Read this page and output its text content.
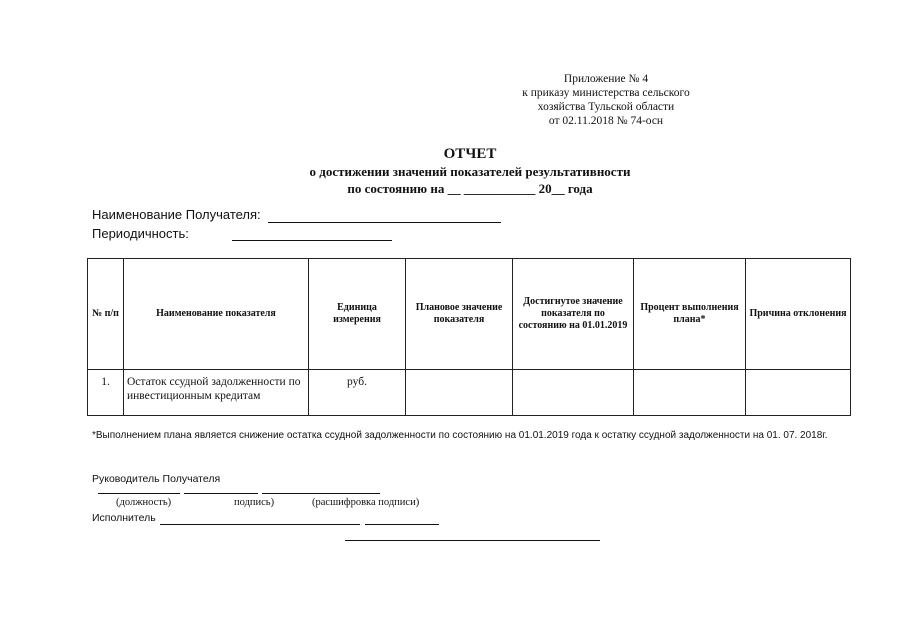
Приложение № 4
к приказу министерства сельского
хозяйства Тульской области
от 02.11.2018 № 74-осн
ОТЧЕТ
о достижении значений показателей результативности
по состоянию на __ ___________ 20__ года
Наименование Получателя:
Периодичность:
№ п/п	Наименование показателя	Единица измерения	Плановое значение показателя	Достигнутое значение показателя по состоянию на 01.01.2019	Процент выполнения плана*	Причина отклонения
1.	Остаток ссудной задолженности по инвестиционным кредитам	руб.				
*Выполнением плана является снижение остатка ссудной задолженности по состоянию на 01.01.2019 года к остатку ссудной задолженности на 01. 07. 2018г.
Руководитель Получателя
(должность)	подпись)	(расшифровка подписи)
Исполнитель
